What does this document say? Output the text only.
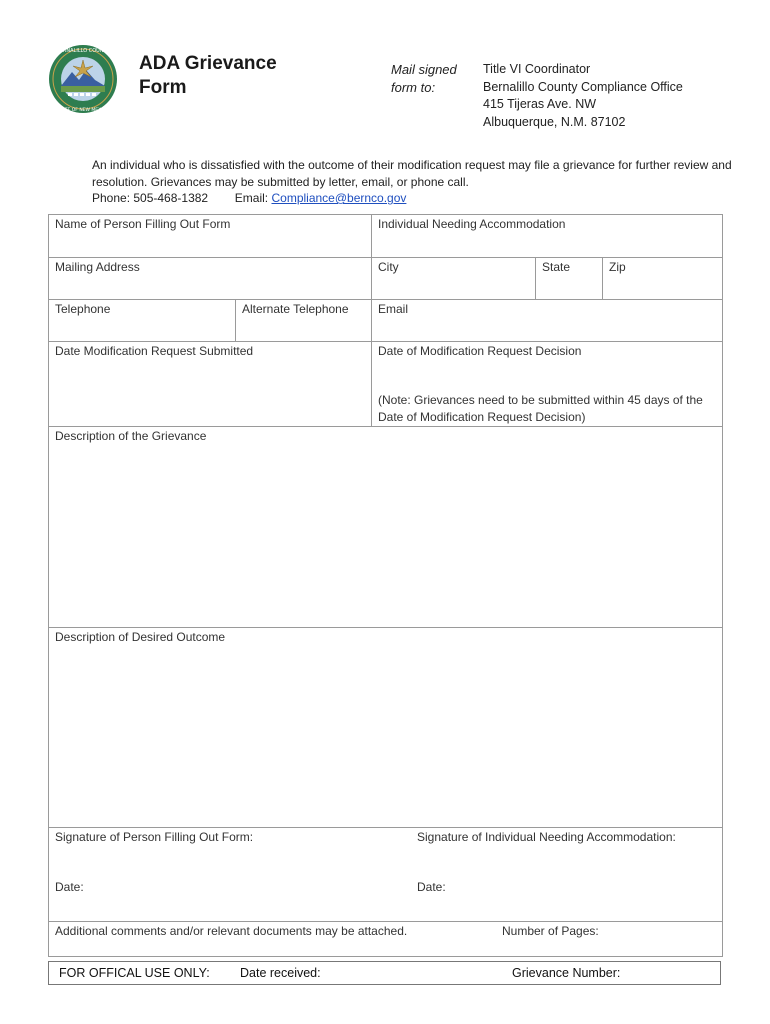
BERNALILLO COUNTY
STATE OF NEW MEXICO
ADA Grievance
Form
Mail signed
form to:
Title VI Coordinator
Bernalillo County Compliance Office
415 Tijeras Ave. NW
Albuquerque, N.M. 87102
An individual who is dissatisfied with the outcome of their modification request may file a grievance for further review and resolution. Grievances may be submitted by letter, email, or phone call.
Phone: 505-468-1382 Email: Compliance@bernco.gov
Name of Person Filling Out Form	Individual Needing Accommodation
Mailing Address	City	State	Zip
Telephone	Alternate Telephone	Email
Date Modification Request Submitted	Date of Modification Request Decision
(Note: Grievances need to be submitted within 45 days of the Date of Modification Request Decision)
Description of the Grievance
Description of Desired Outcome
Signature of Person Filling Out Form:	Signature of Individual Needing Accommodation:
Date:	Date:
Additional comments and/or relevant documents may be attached.	Number of Pages:
FOR OFFICAL USE ONLY: Date received:	Grievance Number:
